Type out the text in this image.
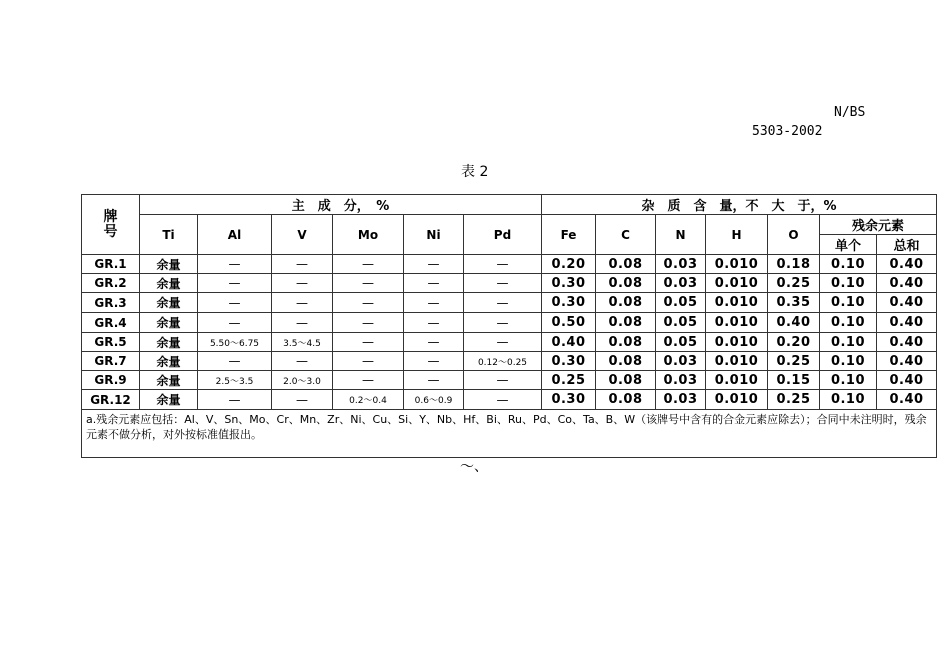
N/BS
5303-2002
表 2
牌
号	主　成　分，　%						杂　质　含　量，不　大　于，%						
	Ti	Al	V	Mo	Ni	Pd	Fe	C	N	H	O	残余元素	
												单个	总和
GR.1	余量	—	—	—	—	—	0.20	0.08	0.03	0.010	0.18	0.10	0.40
GR.2	余量	—	—	—	—	—	0.30	0.08	0.03	0.010	0.25	0.10	0.40
GR.3	余量	—	—	—	—	—	0.30	0.08	0.05	0.010	0.35	0.10	0.40
GR.4	余量	—	—	—	—	—	0.50	0.08	0.05	0.010	0.40	0.10	0.40
GR.5	余量	5.50～6.75	3.5～4.5	—	—	—	0.40	0.08	0.05	0.010	0.20	0.10	0.40
GR.7	余量	—	—	—	—	0.12～0.25	0.30	0.08	0.03	0.010	0.25	0.10	0.40
GR.9	余量	2.5～3.5	2.0～3.0	—	—	—	0.25	0.08	0.03	0.010	0.15	0.10	0.40
GR.12	余量	—	—	0.2～0.4	0.6～0.9	—	0.30	0.08	0.03	0.010	0.25	0.10	0.40
a.残余元素应包括：Al、V、Sn、Mo、Cr、Mn、Zr、Ni、Cu、Si、Y、Nb、Hf、Bi、Ru、Pd、Co、Ta、B、W（该牌号中含有的合金元素应除去）；合同中未注明时，残余元素不做分析，对外按标准值报出。													
～、
